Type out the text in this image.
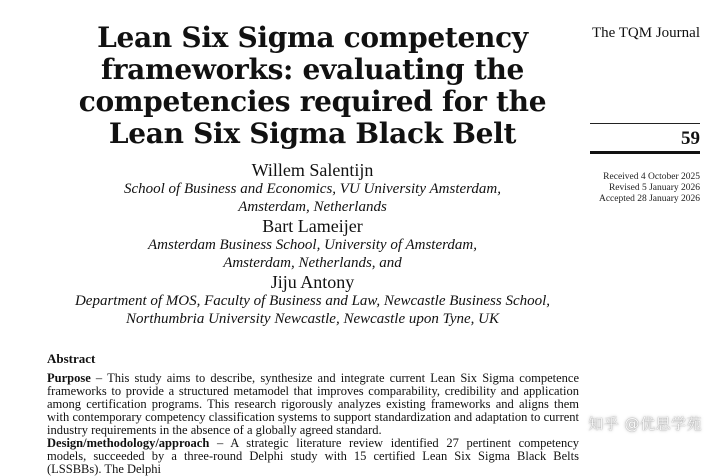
Lean Six Sigma competency
frameworks: evaluating the
competencies required for the
Lean Six Sigma Black Belt
The TQM Journal
59
Received 4 October 2025
Revised 5 January 2026
Accepted 28 January 2026
Willem Salentijn
School of Business and Economics, VU University Amsterdam,
Amsterdam, Netherlands
Bart Lameijer
Amsterdam Business School, University of Amsterdam,
Amsterdam, Netherlands, and
Jiju Antony
Department of MOS, Faculty of Business and Law, Newcastle Business School,
Northumbria University Newcastle, Newcastle upon Tyne, UK
Abstract

Purpose – This study aims to describe, synthesize and integrate current Lean Six Sigma competence frameworks to provide a structured metamodel that improves comparability, credibility and application among certification programs. This research rigorously analyzes existing frameworks and aligns them with contemporary competency classification systems to support standardization and adaptation to current industry requirements in the absence of a globally agreed standard.

Design/methodology/approach – A strategic literature review identified 27 pertinent competency models, succeeded by a three-round Delphi study with 15 certified Lean Six Sigma Black Belts (LSSBBs). The Delphi

知乎 @优思学苑
